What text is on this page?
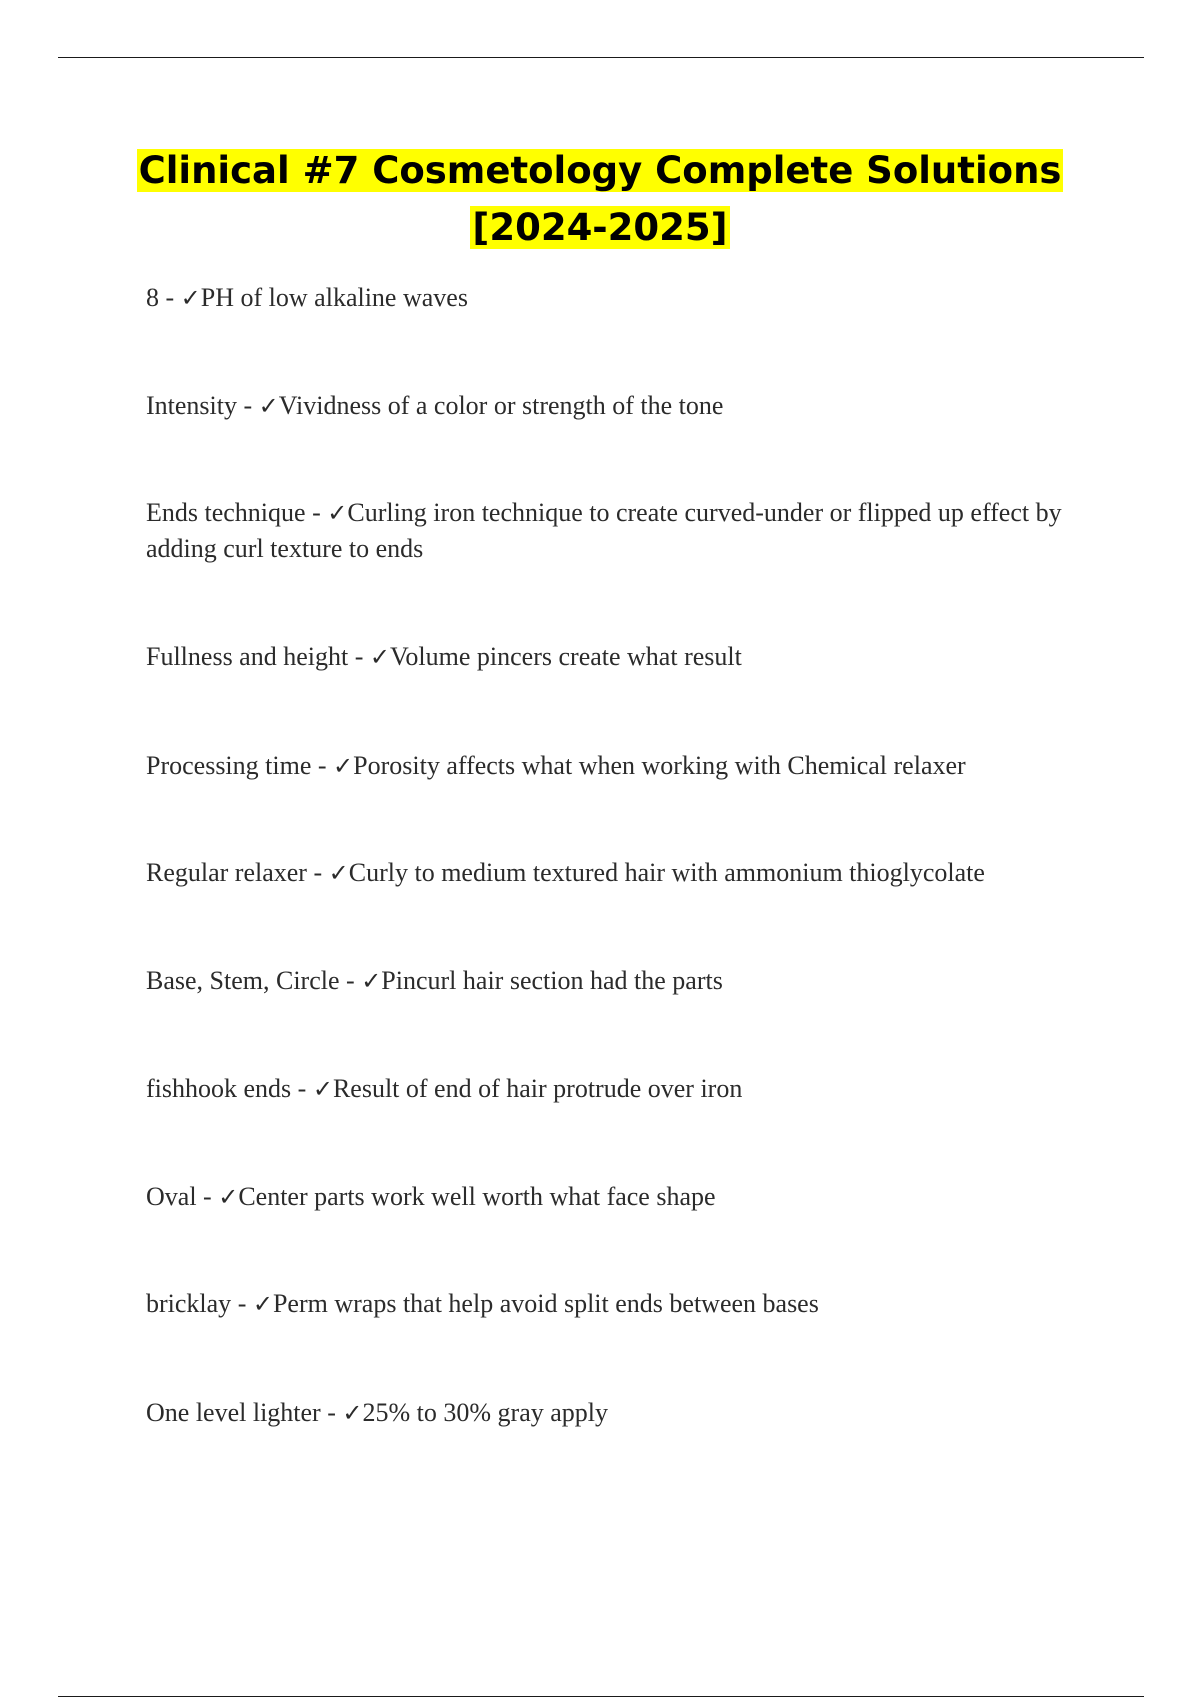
Clinical #7 Cosmetology Complete Solutions [2024-2025]

8 - ✓PH of low alkaline waves

Intensity - ✓Vividness of a color or strength of the tone

Ends technique - ✓Curling iron technique to create curved-under or flipped up effect by adding curl texture to ends

Fullness and height - ✓Volume pincers create what result

Processing time - ✓Porosity affects what when working with Chemical relaxer

Regular relaxer - ✓Curly to medium textured hair with ammonium thioglycolate

Base, Stem, Circle - ✓Pincurl hair section had the parts

fishhook ends - ✓Result of end of hair protrude over iron

Oval - ✓Center parts work well worth what face shape

bricklay - ✓Perm wraps that help avoid split ends between bases

One level lighter - ✓25% to 30% gray apply
